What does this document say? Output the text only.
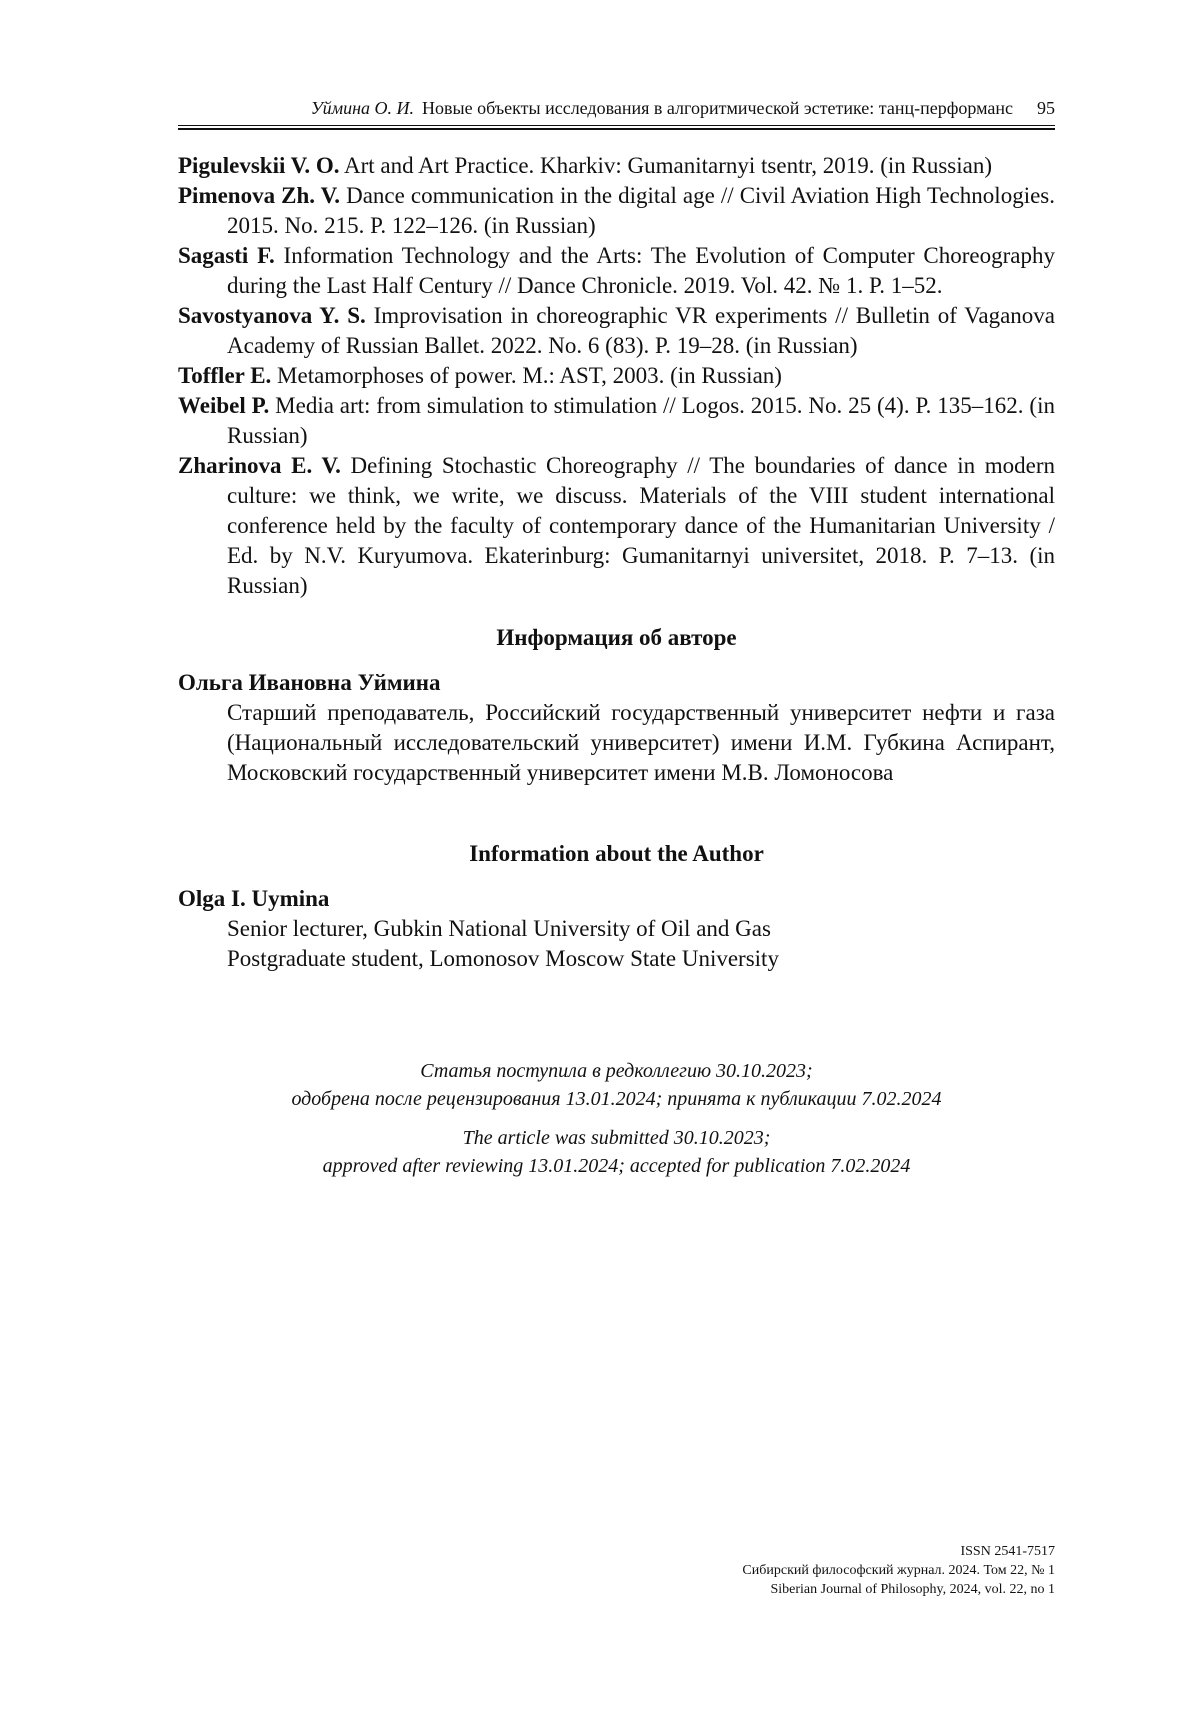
Уймина О. И. Новые объекты исследования в алгоритмической эстетике: танц-перформанс 95

Pigulevskii V. O. Art and Art Practice. Kharkiv: Gumanitarnyi tsentr, 2019. (in Russian)

Pimenova Zh. V. Dance communication in the digital age // Civil Aviation High Technologies. 2015. No. 215. P. 122–126. (in Russian)

Sagasti F. Information Technology and the Arts: The Evolution of Computer Choreography during the Last Half Century // Dance Chronicle. 2019. Vol. 42. № 1. P. 1–52.

Savostyanova Y. S. Improvisation in choreographic VR experiments // Bulletin of Vaganova Academy of Russian Ballet. 2022. No. 6 (83). P. 19–28. (in Russian)

Toffler E. Metamorphoses of power. M.: AST, 2003. (in Russian)

Weibel P. Media art: from simulation to stimulation // Logos. 2015. No. 25 (4). P. 135–162. (in Russian)

Zharinova E. V. Defining Stochastic Choreography // The boundaries of dance in modern culture: we think, we write, we discuss. Materials of the VIII student international conference held by the faculty of contemporary dance of the Humanitarian University / Ed. by N.V. Kuryumova. Ekaterinburg: Gumanitarnyi universitet, 2018. P. 7–13. (in Russian)

Информация об авторе

Ольга Ивановна Уймина

Старший преподаватель, Российский государственный университет нефти и газа (Национальный исследовательский университет) имени И.М. Губкина Аспирант, Московский государственный университет имени М.В. Ломоносова

Information about the Author

Olga I. Uymina

Senior lecturer, Gubkin National University of Oil and Gas

Postgraduate student, Lomonosov Moscow State University

Статья поступила в редколлегию 30.10.2023;

одобрена после рецензирования 13.01.2024; принята к публикации 7.02.2024

The article was submitted 30.10.2023;

approved after reviewing 13.01.2024; accepted for publication 7.02.2024

ISSN 2541-7517
Сибирский философский журнал. 2024. Том 22, № 1
Siberian Journal of Philosophy, 2024, vol. 22, no 1
